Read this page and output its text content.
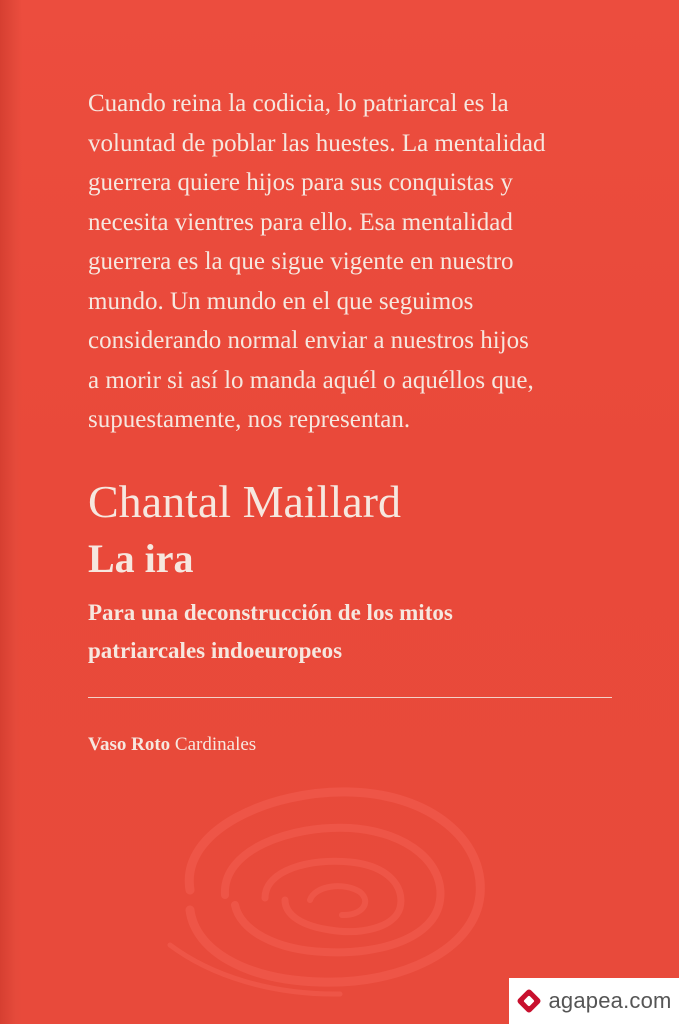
Cuando reina la codicia, lo patriarcal es la

voluntad de poblar las huestes. La mentalidad

guerrera quiere hijos para sus conquistas y

necesita vientres para ello. Esa mentalidad

guerrera es la que sigue vigente en nuestro

mundo. Un mundo en el que seguimos

considerando normal enviar a nuestros hijos

a morir si así lo manda aquél o aquéllos que,

supuestamente, nos representan.

Chantal Maillard
La ira
Para una deconstrucción de los mitos
patriarcales indoeuropeos
Vaso Roto Cardinales
agapea.com
